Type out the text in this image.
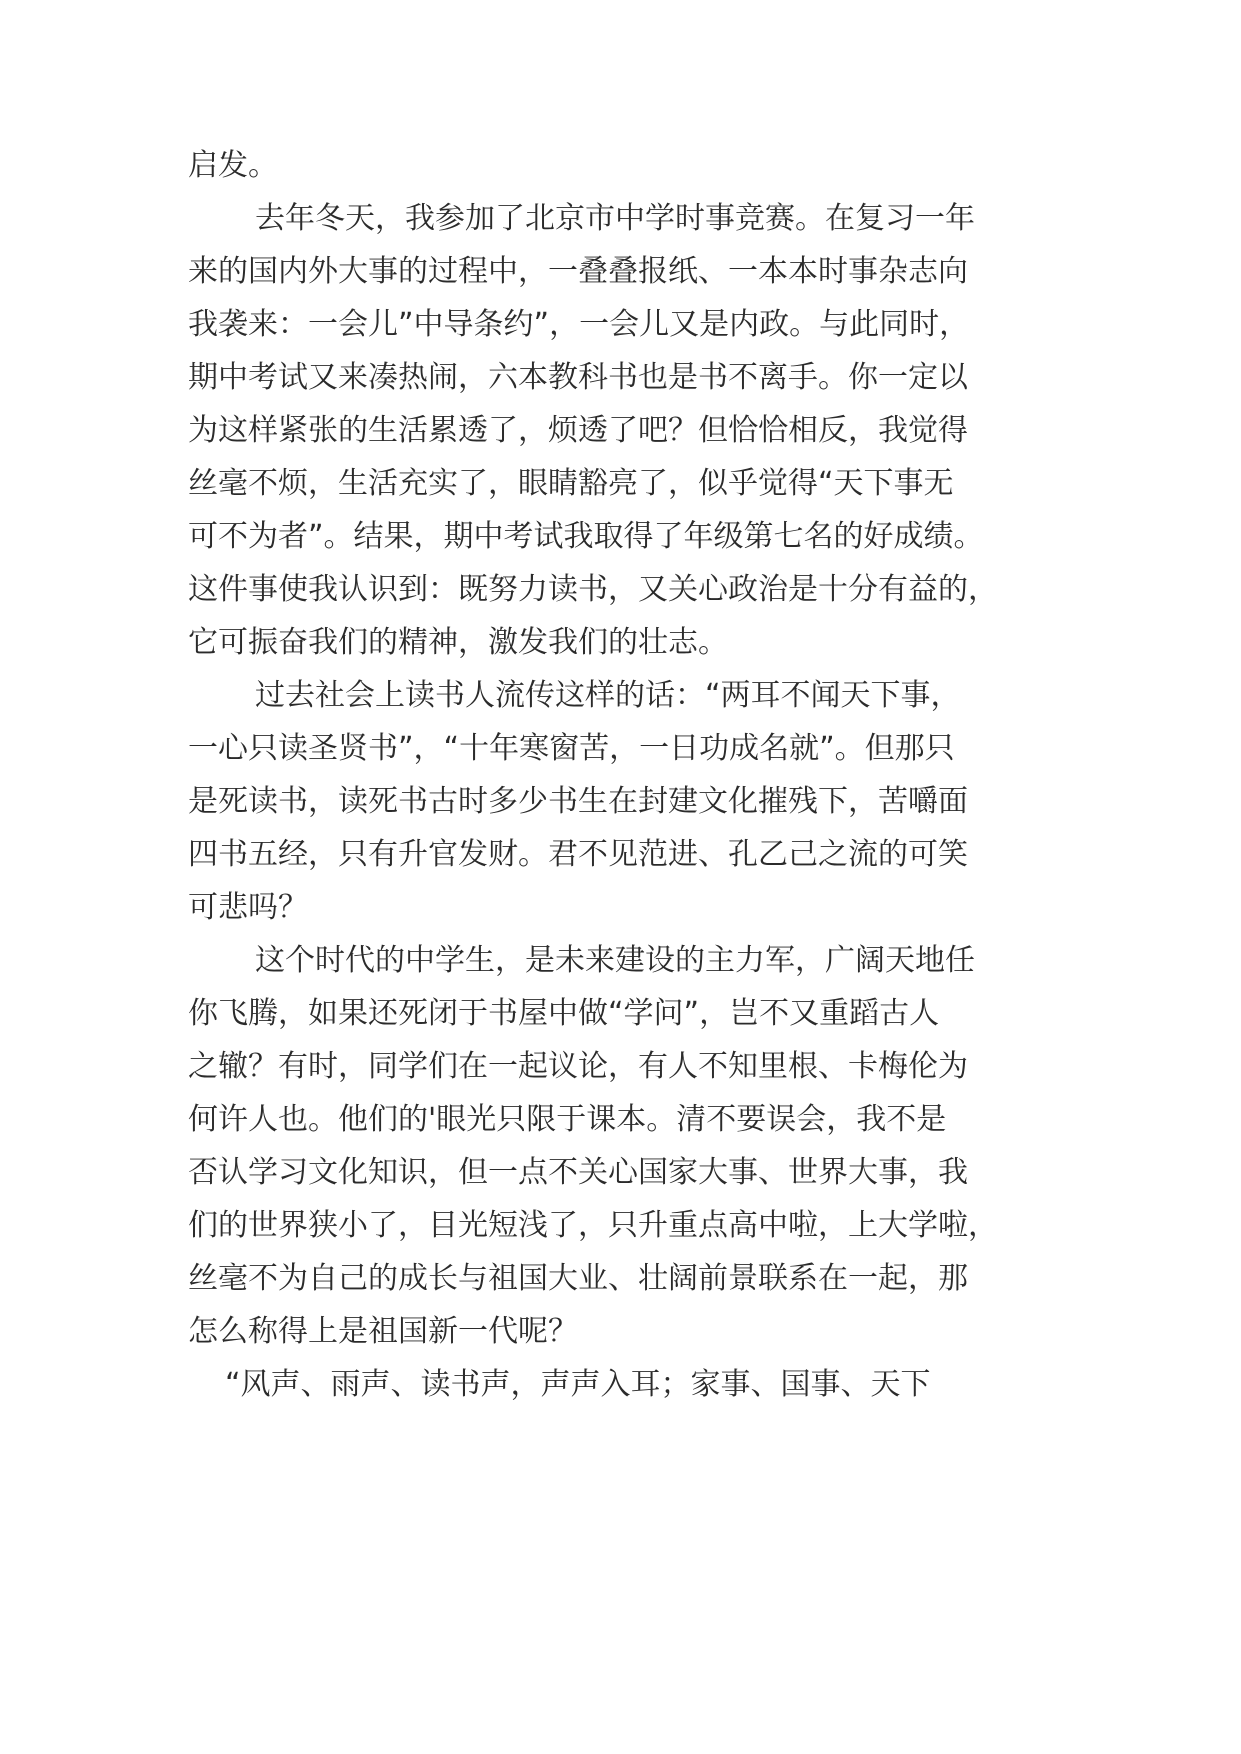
启发。
去年冬天，我参加了北京市中学时事竞赛。在复习一年
来的国内外大事的过程中，一叠叠报纸、一本本时事杂志向
我袭来：一会儿”中导条约”，一会儿又是内政。与此同时，
期中考试又来凑热闹，六本教科书也是书不离手。你一定以
为这样紧张的生活累透了，烦透了吧？但恰恰相反，我觉得
丝毫不烦，生活充实了，眼睛豁亮了，似乎觉得“天下事无
可不为者”。结果，期中考试我取得了年级第七名的好成绩。
这件事使我认识到：既努力读书，又关心政治是十分有益的，
它可振奋我们的精神，激发我们的壮志。
过去社会上读书人流传这样的话：“两耳不闻天下事，
一心只读圣贤书”，“十年寒窗苦，一日功成名就”。但那只
是死读书，读死书古时多少书生在封建文化摧残下，苦嚼面
四书五经，只有升官发财。君不见范进、孔乙己之流的可笑
可悲吗？
这个时代的中学生，是未来建设的主力军，广阔天地任
你飞腾，如果还死闭于书屋中做“学问”，岂不又重蹈古人
之辙？有时，同学们在一起议论，有人不知里根、卡梅伦为
何许人也。他们的'眼光只限于课本。清不要误会，我不是
否认学习文化知识，但一点不关心国家大事、世界大事，我
们的世界狭小了，目光短浅了，只升重点高中啦，上大学啦，
丝毫不为自己的成长与祖国大业、壮阔前景联系在一起，那
怎么称得上是祖国新一代呢？
“风声、雨声、读书声，声声入耳；家事、国事、天下
